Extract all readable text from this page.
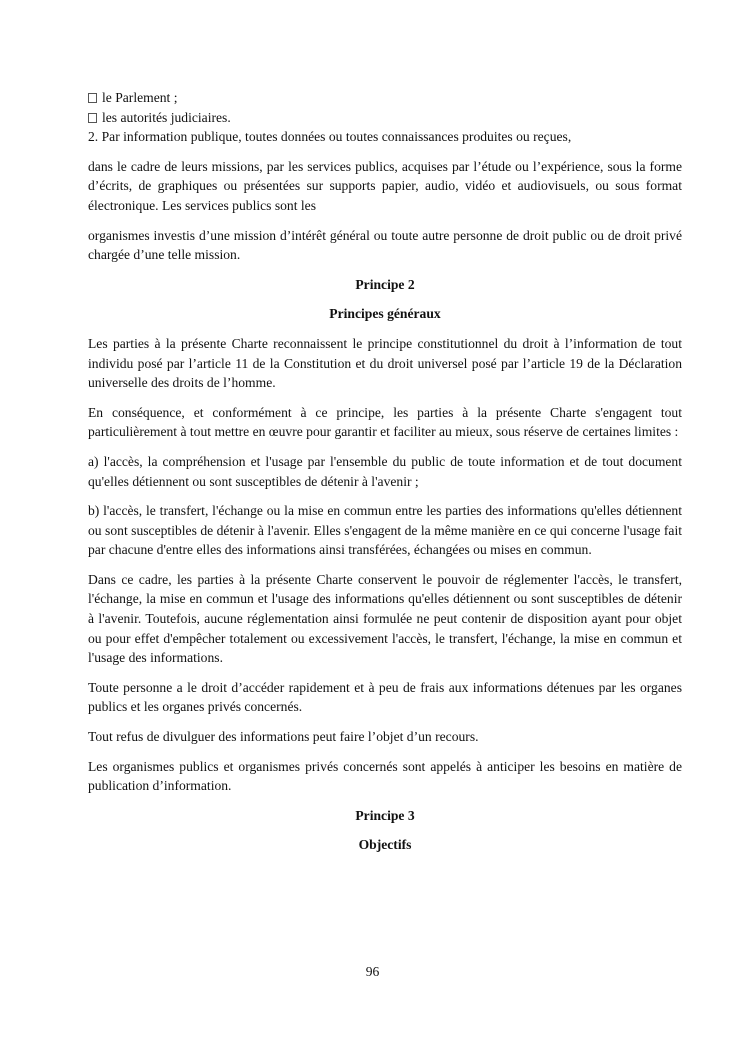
le Parlement ;
les autorités judiciaires.

2. Par information publique, toutes données ou toutes connaissances produites ou reçues,

dans le cadre de leurs missions, par les services publics, acquises par l’étude ou l’expérience, sous la forme d’écrits, de graphiques ou présentées sur supports papier, audio, vidéo et audiovisuels, ou sous format électronique. Les services publics sont les

organismes investis d’une mission d’intérêt général ou toute autre personne de droit public ou de droit privé chargée d’une telle mission.

Principe 2

Principes généraux

Les parties à la présente Charte reconnaissent le principe constitutionnel du droit à l’information de tout individu posé par l’article 11 de la Constitution et du droit universel posé par l’article 19 de la Déclaration universelle des droits de l’homme.

En conséquence, et conformément à ce principe, les parties à la présente Charte s'engagent tout particulièrement à tout mettre en œuvre pour garantir et faciliter au mieux, sous réserve de certaines limites :

a) l'accès, la compréhension et l'usage par l'ensemble du public de toute information et de tout document qu'elles détiennent ou sont susceptibles de détenir à l'avenir ;

b) l'accès, le transfert, l'échange ou la mise en commun entre les parties des informations qu'elles détiennent ou sont susceptibles de détenir à l'avenir. Elles s'engagent de la même manière en ce qui concerne l'usage fait par chacune d'entre elles des informations ainsi transférées, échangées ou mises en commun.

Dans ce cadre, les parties à la présente Charte conservent le pouvoir de réglementer l'accès, le transfert, l'échange, la mise en commun et l'usage des informations qu'elles détiennent ou sont susceptibles de détenir à l'avenir. Toutefois, aucune réglementation ainsi formulée ne peut contenir de disposition ayant pour objet ou pour effet d'empêcher totalement ou excessivement l'accès, le transfert, l'échange, la mise en commun et l'usage des informations.

Toute personne a le droit d’accéder rapidement et à peu de frais aux informations détenues par les organes publics et les organes privés concernés.

Tout refus de divulguer des informations peut faire l’objet d’un recours.

Les organismes publics et organismes privés concernés sont appelés à anticiper les besoins en matière de publication d’information.

Principe 3

Objectifs

96
